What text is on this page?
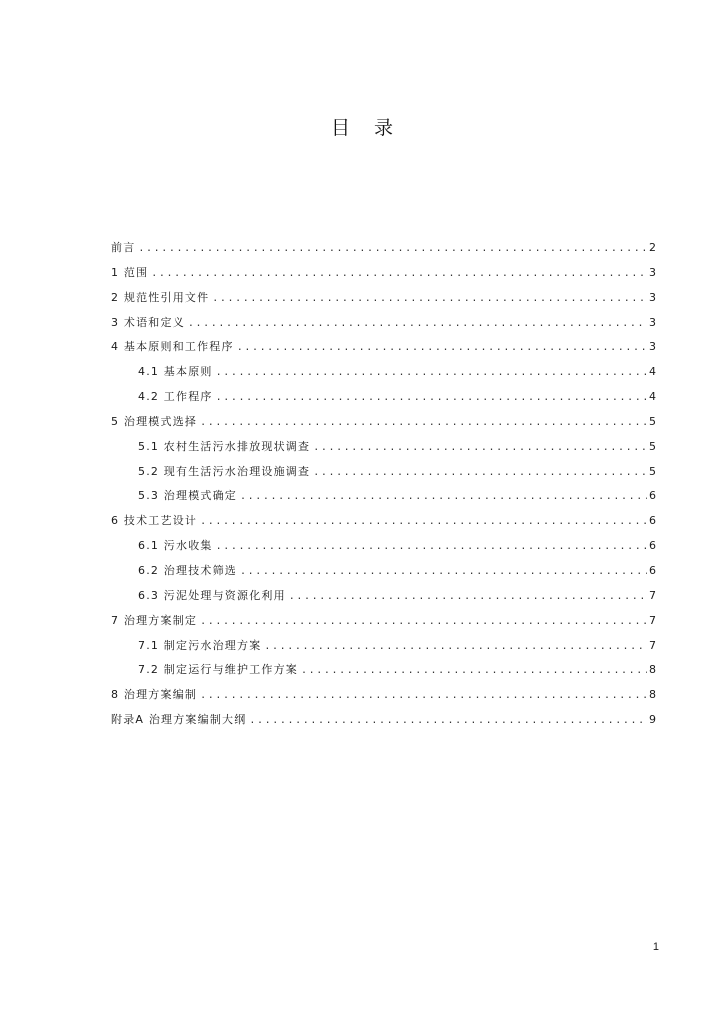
目 录
前言 .....	2
1 范围 .....	3
2 规范性引用文件 .....	3
3 术语和定义 .....	3
4 基本原则和工作程序 .....	3
4.1 基本原则 .....	4
4.2 工作程序 .....	4
5 治理模式选择 .....	5
5.1 农村生活污水排放现状调查 .....	5
5.2 现有生活污水治理设施调查 .....	5
5.3 治理模式确定 .....	6
6 技术工艺设计 .....	6
6.1 污水收集 .....	6
6.2 治理技术筛选 .....	6
6.3 污泥处理与资源化利用 .....	7
7 治理方案制定 .....	7
7.1 制定污水治理方案 .....	7
7.2 制定运行与维护工作方案 .....	8
8 治理方案编制 .....	8
附录A 治理方案编制大纲 .....	9
1
